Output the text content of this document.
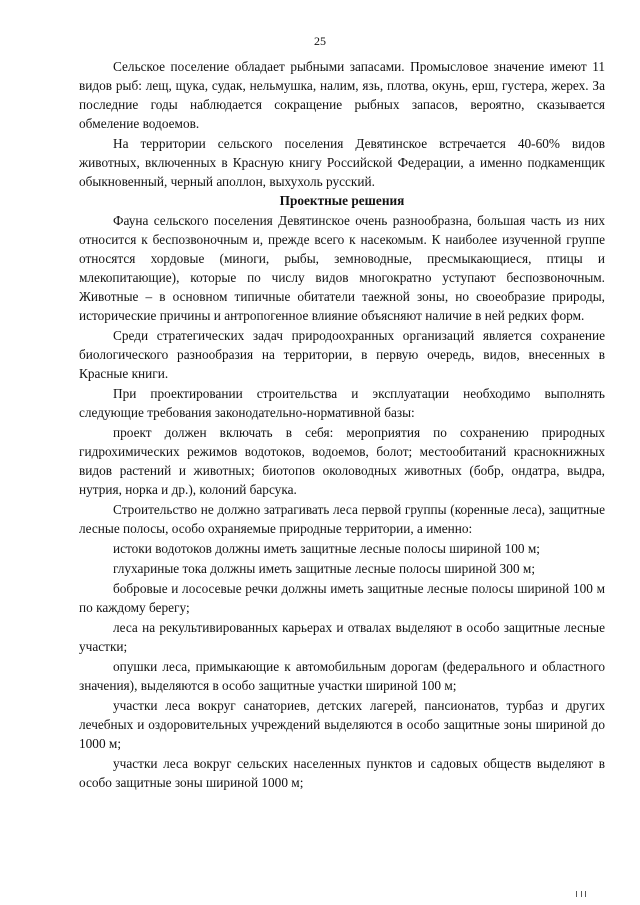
25

Сельское поселение обладает рыбными запасами. Промысловое значение имеют 11 видов рыб: лещ, щука, судак, нельмушка, налим, язь, плотва, окунь, ерш, густера, жерех. За последние годы наблюдается сокращение рыбных запасов, вероятно, сказывается обмеление водоемов.

На территории сельского поселения Девятинское встречается 40-60% видов животных, включенных в Красную книгу Российской Федерации, а именно подкаменщик обыкновенный, черный аполлон, выхухоль русский.

Проектные решения

Фауна сельского поселения Девятинское очень разнообразна, большая часть из них относится к беспозвоночным и, прежде всего к насекомым. К наиболее изученной группе относятся хордовые (миноги, рыбы, земноводные, пресмыкающиеся, птицы и млекопитающие), которые по числу видов многократно уступают беспозвоночным. Животные – в основном типичные обитатели таежной зоны, но своеобразие природы, исторические причины и антропогенное влияние объясняют наличие в ней редких форм.

Среди стратегических задач природоохранных организаций является сохранение биологического разнообразия на территории, в первую очередь, видов, внесенных в Красные книги.

При проектировании строительства и эксплуатации необходимо выполнять следующие требования законодательно-нормативной базы:

проект должен включать в себя: мероприятия по сохранению природных гидрохимических режимов водотоков, водоемов, болот; местообитаний краснокнижных видов растений и животных; биотопов околоводных животных (бобр, ондатра, выдра, нутрия, норка и др.), колоний барсука.

Строительство не должно затрагивать леса первой группы (коренные леса), защитные лесные полосы, особо охраняемые природные территории, а именно:

истоки водотоков должны иметь защитные лесные полосы шириной 100 м;

глухариные тока должны иметь защитные лесные полосы шириной 300 м;

бобровые и лососевые речки должны иметь защитные лесные полосы шириной 100 м по каждому берегу;

леса на рекультивированных карьерах и отвалах выделяют в особо защитные лесные участки;

опушки леса, примыкающие к автомобильным дорогам (федерального и областного значения), выделяются в особо защитные участки шириной 100 м;

участки леса вокруг санаториев, детских лагерей, пансионатов, турбаз и других лечебных и оздоровительных учреждений выделяются в особо защитные зоны шириной до 1000 м;

участки леса вокруг сельских населенных пунктов и садовых обществ выделяют в особо защитные зоны шириной 1000 м;
